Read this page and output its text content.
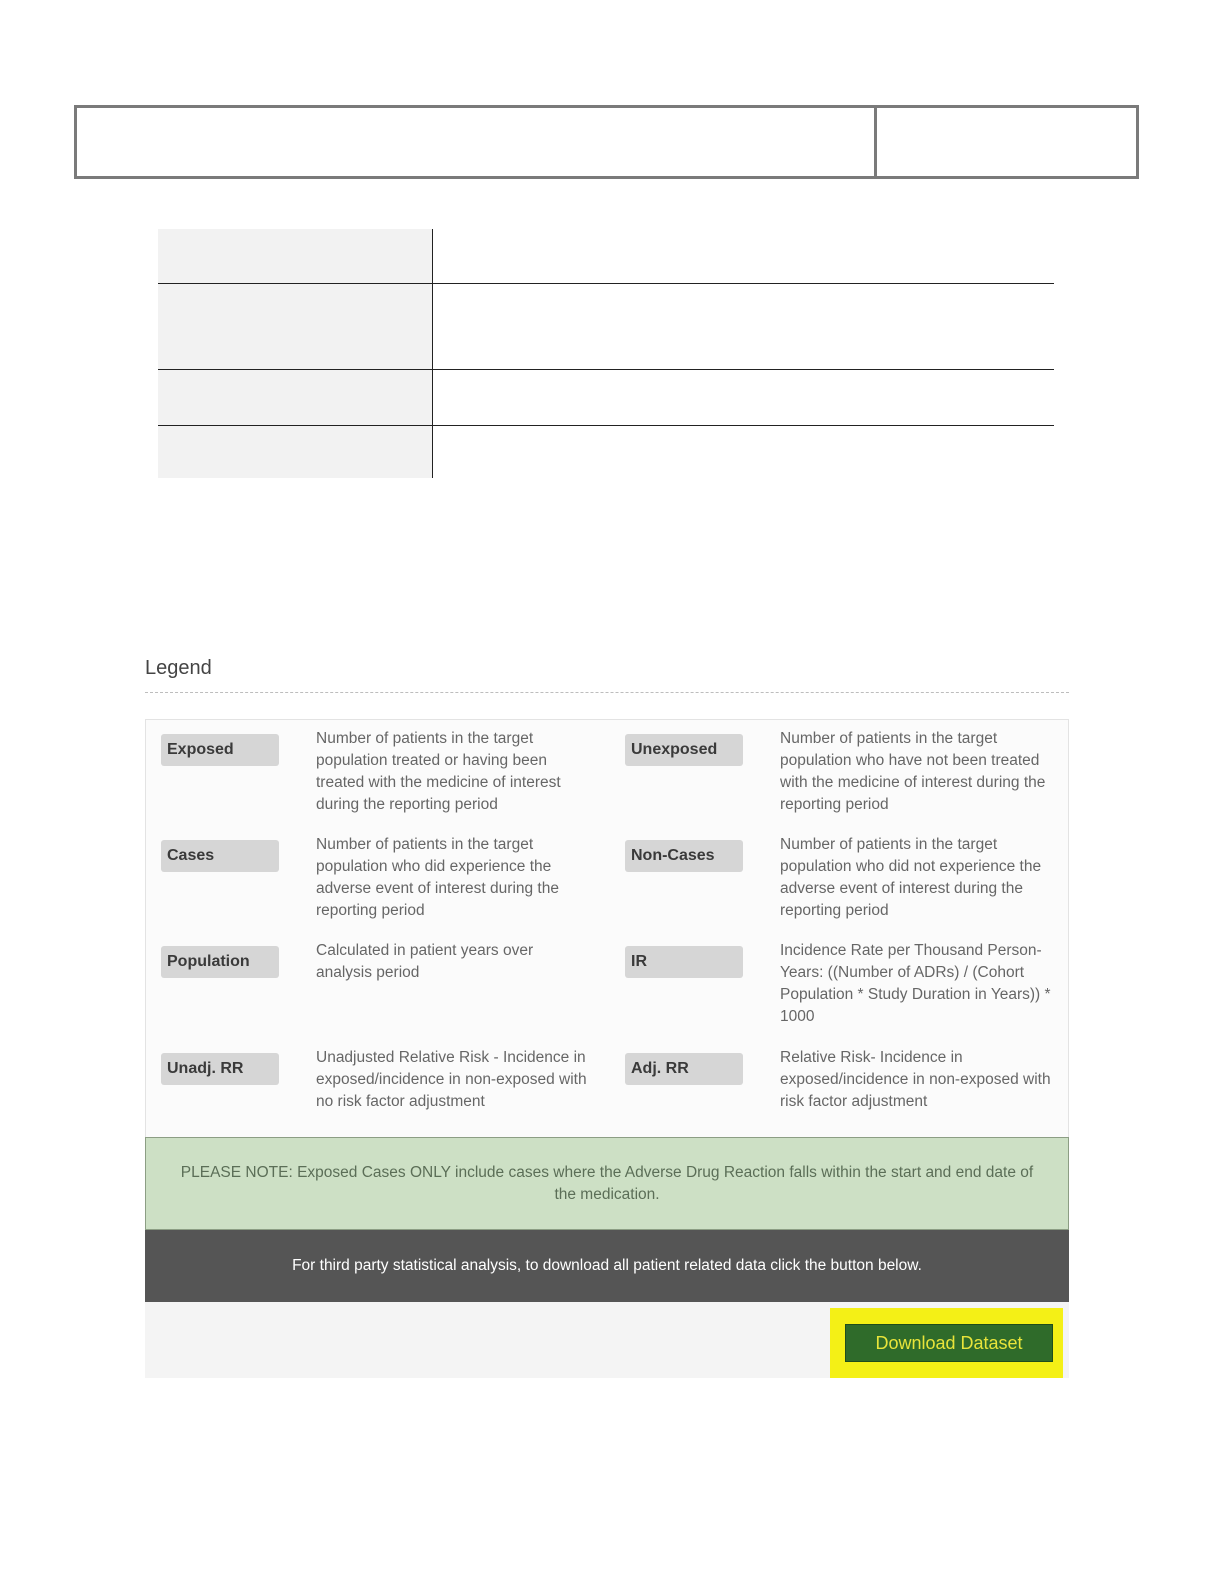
Legend
Exposed
Number of patients in the target population treated or having been treated with the medicine of interest during the reporting period
Unexposed
Number of patients in the target population who have not been treated with the medicine of interest during the reporting period
Cases
Number of patients in the target population who did experience the adverse event of interest during the reporting period
Non-Cases
Number of patients in the target population who did not experience the adverse event of interest during the reporting period
Population
Calculated in patient years over analysis period
IR
Incidence Rate per Thousand Person-Years: ((Number of ADRs) / (Cohort Population * Study Duration in Years)) * 1000
Unadj. RR
Unadjusted Relative Risk - Incidence in exposed/incidence in non-exposed with no risk factor adjustment
Adj. RR
Relative Risk- Incidence in exposed/incidence in non-exposed with risk factor adjustment
PLEASE NOTE: Exposed Cases ONLY include cases where the Adverse Drug Reaction falls within the start and end date of the medication.
For third party statistical analysis, to download all patient related data click the button below.
Download Dataset
